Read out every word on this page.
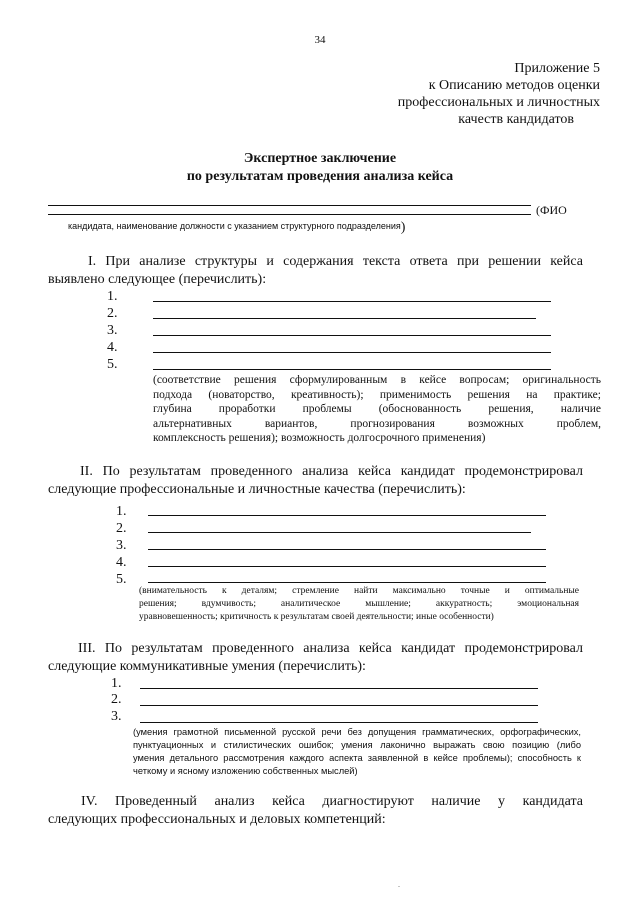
34
Приложение 5
к Описанию методов оценки
профессиональных и личностных
качеств кандидатов
Экспертное заключение
по результатам проведения анализа кейса
(ФИО
кандидата, наименование должности с указанием структурного подразделения)
I. При анализе структуры и содержания текста ответа при решении кейса
выявлено следующее (перечислить):
1.
2.
3.
4.
5.
(соответствие решения сформулированным в кейсе вопросам; оригинальность
подхода (новаторство, креативность); применимость решения на практике;
глубина проработки проблемы (обоснованность решения, наличие
альтернативных вариантов, прогнозирования возможных проблем,
комплексность решения); возможность долгосрочного применения)
II. По результатам проведенного анализа кейса кандидат продемонстрировал
следующие профессиональные и личностные качества (перечислить):
1.
2.
3.
4.
5.
(внимательность к деталям; стремление найти максимально точные и оптимальные
решения; вдумчивость; аналитическое мышление; аккуратность; эмоциональная
уравновешенность; критичность к результатам своей деятельности; иные особенности)
III. По результатам проведенного анализа кейса кандидат продемонстрировал
следующие коммуникативные умения (перечислить):
1.
2.
3.
(умения грамотной письменной русской речи без допущения грамматических, орфографических,
пунктуационных и стилистических ошибок; умения лаконично выражать свою позицию (либо
умения детального рассмотрения каждого аспекта заявленной в кейсе проблемы); способность к
четкому и ясному изложению собственных мыслей)
IV. Проведенный анализ кейса диагностируют наличие у кандидата
следующих профессиональных и деловых компетенций:
.
